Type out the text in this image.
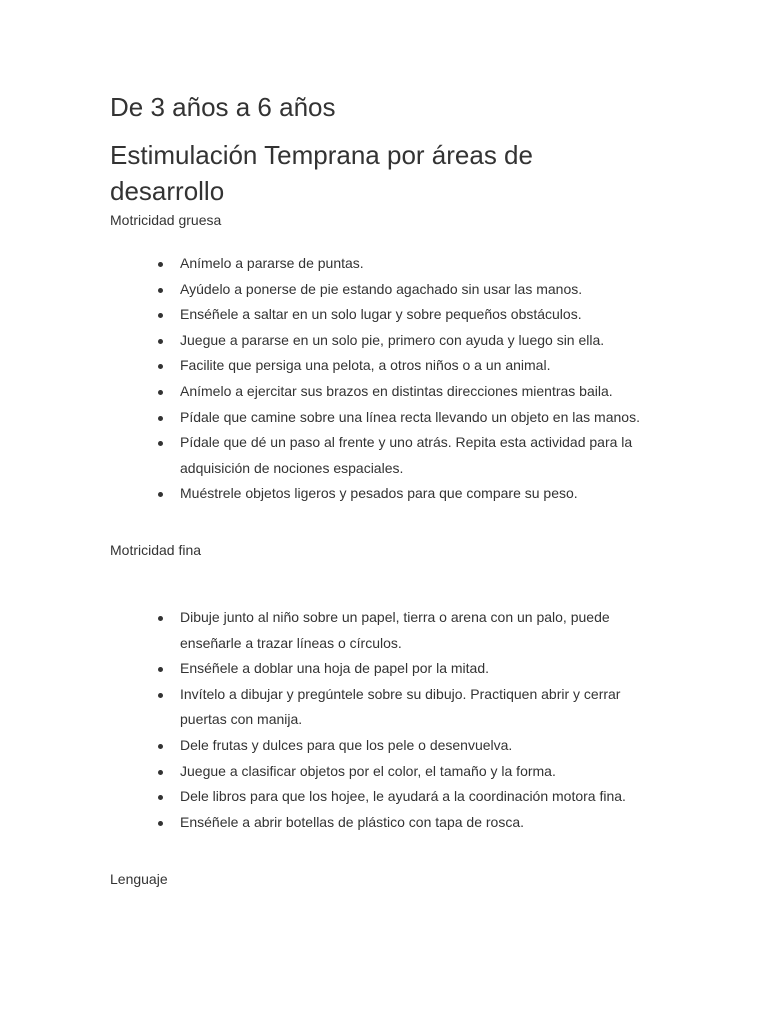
De 3 años a 6 años
Estimulación Temprana por áreas de desarrollo

Motricidad gruesa

Anímelo a pararse de puntas.
Ayúdelo a ponerse de pie estando agachado sin usar las manos.
Enséñele a saltar en un solo lugar y sobre pequeños obstáculos.
Juegue a pararse en un solo pie, primero con ayuda y luego sin ella.
Facilite que persiga una pelota, a otros niños o a un animal.
Anímelo a ejercitar sus brazos en distintas direcciones mientras baila.
Pídale que camine sobre una línea recta llevando un objeto en las manos.
Pídale que dé un paso al frente y uno atrás. Repita esta actividad para la adquisición de nociones espaciales.
Muéstrele objetos ligeros y pesados para que compare su peso.

Motricidad fina

Dibuje junto al niño sobre un papel, tierra o arena con un palo, puede enseñarle a trazar líneas o círculos.
Enséñele a doblar una hoja de papel por la mitad.
Invítelo a dibujar y pregúntele sobre su dibujo. Practiquen abrir y cerrar puertas con manija.
Dele frutas y dulces para que los pele o desenvuelva.
Juegue a clasificar objetos por el color, el tamaño y la forma.
Dele libros para que los hojee, le ayudará a la coordinación motora fina.
Enséñele a abrir botellas de plástico con tapa de rosca.

Lenguaje
